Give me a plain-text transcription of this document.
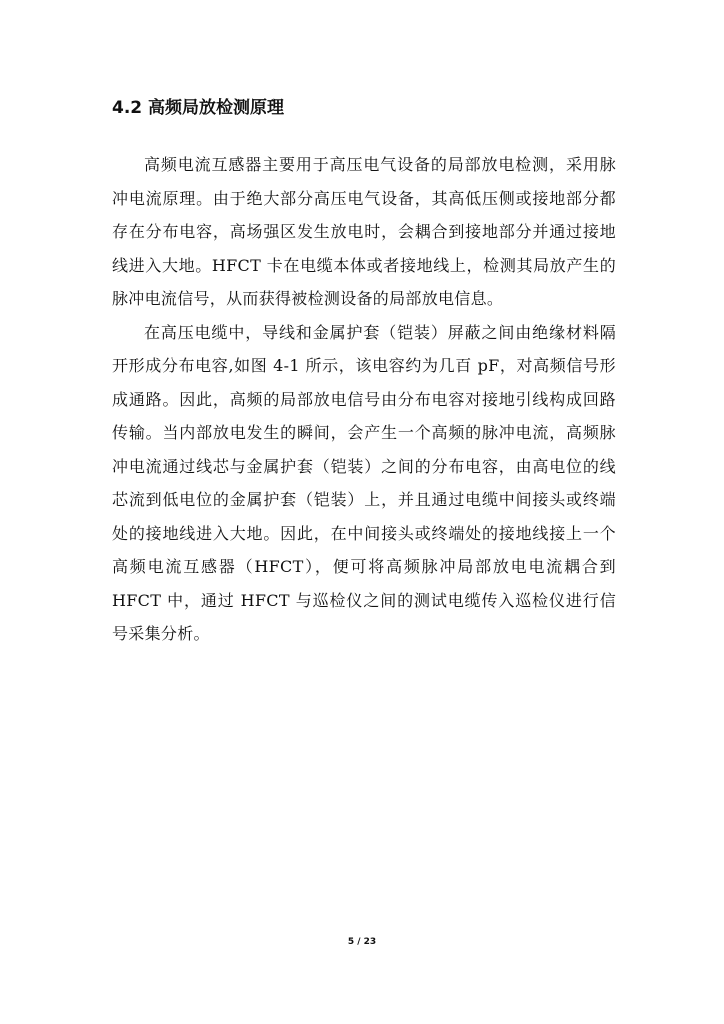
4.2 高频局放检测原理

高频电流互感器主要用于高压电气设备的局部放电检测，采用脉冲电流原理。由于绝大部分高压电气设备，其高低压侧或接地部分都存在分布电容，高场强区发生放电时，会耦合到接地部分并通过接地线进入大地。HFCT 卡在电缆本体或者接地线上，检测其局放产生的脉冲电流信号，从而获得被检测设备的局部放电信息。

在高压电缆中，导线和金属护套（铠装）屏蔽之间由绝缘材料隔开形成分布电容,如图 4-1 所示，该电容约为几百 pF，对高频信号形成通路。因此，高频的局部放电信号由分布电容对接地引线构成回路传输。当内部放电发生的瞬间，会产生一个高频的脉冲电流，高频脉冲电流通过线芯与金属护套（铠装）之间的分布电容，由高电位的线芯流到低电位的金属护套（铠装）上，并且通过电缆中间接头或终端处的接地线进入大地。因此，在中间接头或终端处的接地线接上一个高频电流互感器（HFCT），便可将高频脉冲局部放电电流耦合到 HFCT 中，通过 HFCT 与巡检仪之间的测试电缆传入巡检仪进行信号采集分析。

5 / 23
